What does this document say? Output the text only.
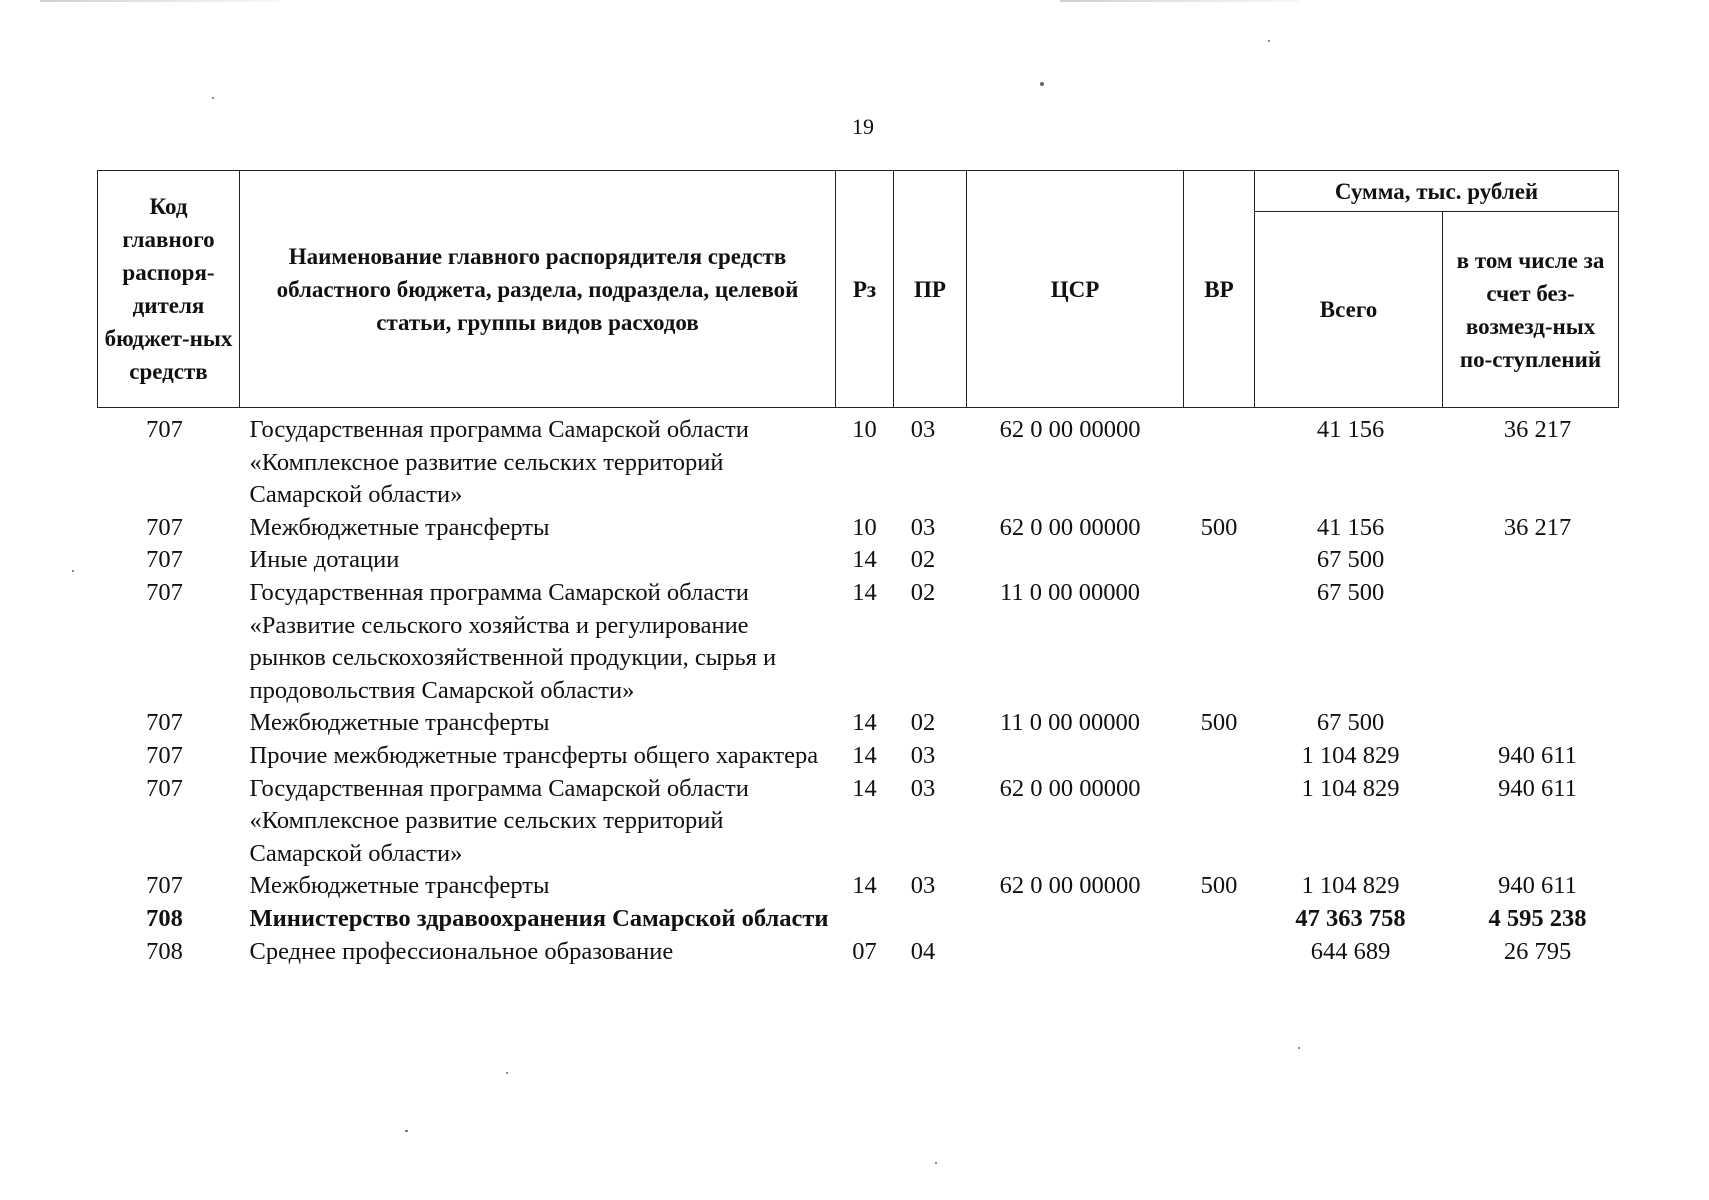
19
Код главного распоря-дителя бюджет-ных средств	Наименование главного распорядителя средств областного бюджета, раздела, подраздела, целевой статьи, группы видов расходов	Рз	ПР	ЦСР	ВР	Сумма, тыс. рублей	
						Всего	в том числе за счет без-возмезд-ных по-ступлений
707	Государственная программа Самарской области «Комплексное развитие сельских территорий Самарской области»	10	03	62 0 00 00000		41 156	36 217
707	Межбюджетные трансферты	10	03	62 0 00 00000	500	41 156	36 217
707	Иные дотации	14	02			67 500	
707	Государственная программа Самарской области «Развитие сельского хозяйства и регулирование рынков сельскохозяйственной продукции, сырья и продовольствия Самарской области»	14	02	11 0 00 00000		67 500	
707	Межбюджетные трансферты	14	02	11 0 00 00000	500	67 500	
707	Прочие межбюджетные трансферты общего характера	14	03			1 104 829	940 611
707	Государственная программа Самарской области «Комплексное развитие сельских территорий Самарской области»	14	03	62 0 00 00000		1 104 829	940 611
707	Межбюджетные трансферты	14	03	62 0 00 00000	500	1 104 829	940 611
708	Министерство здравоохранения Самарской области					47 363 758	4 595 238
708	Среднее профессиональное образование	07	04			644 689	26 795
